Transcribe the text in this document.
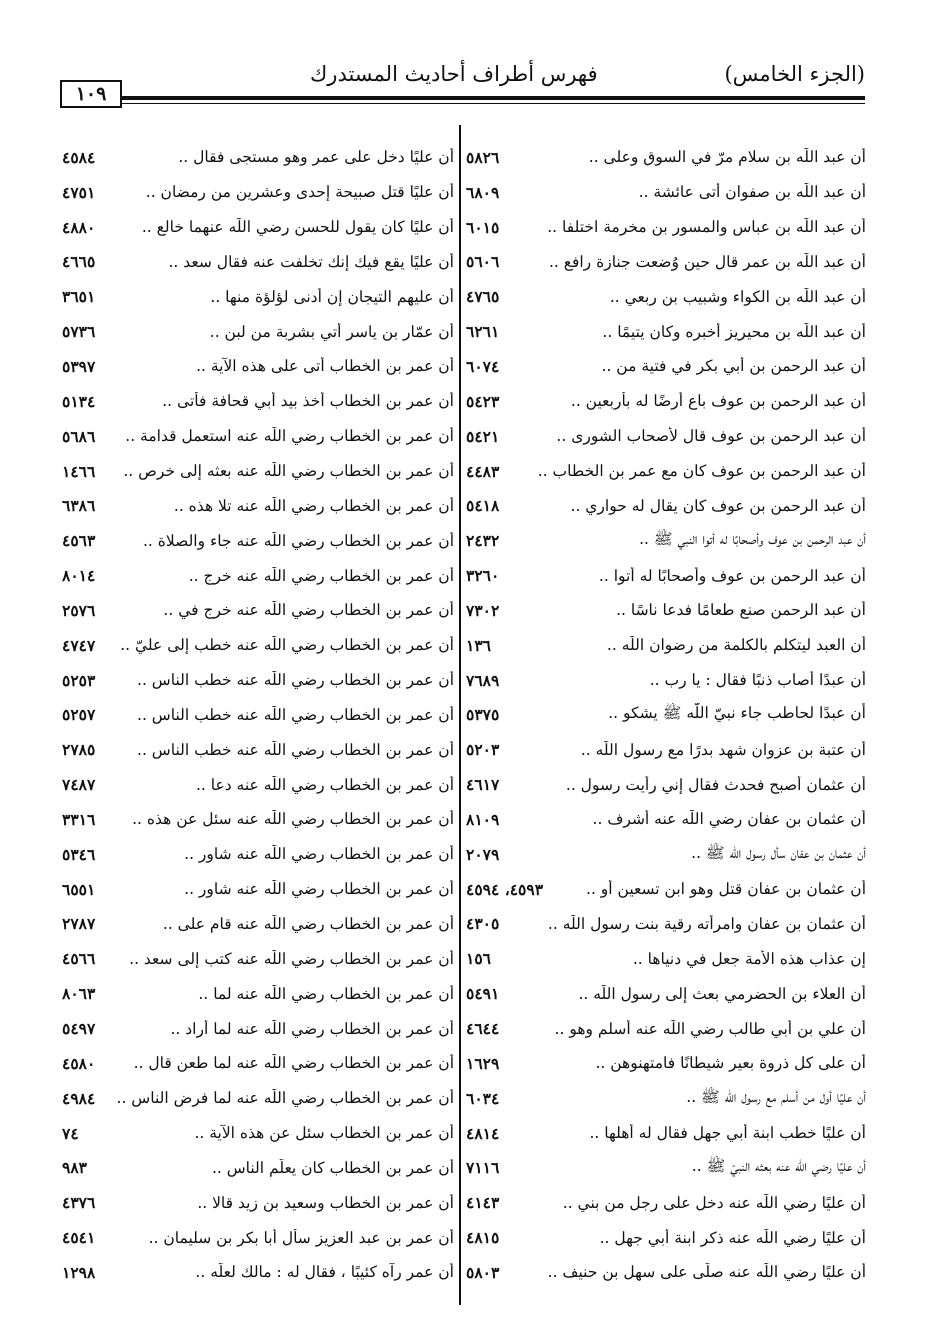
(الجزء الخامس)
فهرس أطراف أحاديث المستدرك
١٠٩
أن عبد اللّٰه بن سلام مرّ في السوق وعلى ..
٥٨٢٦
أن عبد اللّٰه بن صفوان أتى عائشة ..
٦٨٠٩
أن عبد اللّٰه بن عباس والمسور بن مخرمة اختلفا ..
٦٠١٥
أن عبد اللّٰه بن عمر قال حين وُضعت جنازة رافع ..
٥٦٠٦
أن عبد اللّٰه بن الكواء وشبيب بن ربعي ..
٤٧٦٥
أن عبد اللّٰه بن محيريز أخبره وكان يتيمًا ..
٦٢٦١
أن عبد الرحمن بن أبي بكر في فتية من ..
٦٠٧٤
أن عبد الرحمن بن عوف باع أرضًا له بأربعين ..
٥٤٢٣
أن عبد الرحمن بن عوف قال لأصحاب الشورى ..
٥٤٢١
أن عبد الرحمن بن عوف كان مع عمر بن الخطاب ..
٤٤٨٣
أن عبد الرحمن بن عوف كان يقال له حواري ..
٥٤١٨
أن عبد الرحمن بن عوف وأصحابًا له أتوا النبي ﷺ ..
٢٤٣٢
أن عبد الرحمن بن عوف وأصحابًا له أتوا ..
٣٢٦٠
أن عبد الرحمن صنع طعامًا فدعا ناسًا ..
٧٣٠٢
أن العبد ليتكلم بالكلمة من رضوان اللّٰه ..
١٣٦
أن عبدًا أصاب ذنبًا فقال : يا رب ..
٧٦٨٩
أن عبدًا لحاطب جاء نبيّ اللّٰه ﷺ يشكو ..
٥٣٧٥
أن عتبة بن عزوان شهد بدرًا مع رسول اللّٰه ..
٥٢٠٣
أن عثمان أصبح فحدث فقال إني رأيت رسول ..
٤٦١٧
أن عثمان بن عفان رضي اللّٰه عنه أشرف ..
٨١٠٩
أن عثمان بن عفان سأل رسول اللّٰه ﷺ ..
٢٠٧٩
أن عثمان بن عفان قتل وهو ابن تسعين أو ..
٤٥٩٣، ٤٥٩٤
أن عثمان بن عفان وامرأته رقية بنت رسول اللّٰه ..
٤٣٠٥
إن عذاب هذه الأمة جعل في دنياها ..
١٥٦
أن العلاء بن الحضرمي بعث إلى رسول اللّٰه ..
٥٤٩١
أن علي بن أبي طالب رضي اللّٰه عنه أسلم وهو ..
٤٦٤٤
أن على كل ذروة بعير شيطانًا فامتهنوهن ..
١٦٢٩
أن عليًا أول من أسلم مع رسول اللّٰه ﷺ ..
٦٠٣٤
أن عليًا خطب ابنة أبي جهل فقال له أهلها ..
٤٨١٤
أن عليًا رضي اللّٰه عنه بعثه النبيّ ﷺ ..
٧١١٦
أن عليًا رضي اللّٰه عنه دخل على رجل من بني ..
٤١٤٣
أن عليًا رضي اللّٰه عنه ذكر ابنة أبي جهل ..
٤٨١٥
أن عليًا رضي اللّٰه عنه صلّى على سهل بن حنيف ..
٥٨٠٣
أن عليًا دخل على عمر وهو مستجى فقال ..
٤٥٨٤
أن عليًا قتل صبيحة إحدى وعشرين من رمضان ..
٤٧٥١
أن عليًا كان يقول للحسن رضي اللّٰه عنهما خالع ..
٤٨٨٠
أن عليًا يقع فيك إنك تخلفت عنه فقال سعد ..
٤٦٦٥
أن عليهم التيجان إن أدنى لؤلؤة منها ..
٣٦٥١
أن عمّار بن ياسر أتي بشربة من لبن ..
٥٧٣٦
أن عمر بن الخطاب أتى على هذه الآية ..
٥٣٩٧
أن عمر بن الخطاب أخذ بيد أبي قحافة فأتى ..
٥١٣٤
أن عمر بن الخطاب رضي اللّٰه عنه استعمل قدامة ..
٥٦٨٦
أن عمر بن الخطاب رضي اللّٰه عنه بعثه إلى خرص ..
١٤٦٦
أن عمر بن الخطاب رضي اللّٰه عنه تلا هذه ..
٦٣٨٦
أن عمر بن الخطاب رضي اللّٰه عنه جاء والصلاة ..
٤٥٦٣
أن عمر بن الخطاب رضي اللّٰه عنه خرج ..
٨٠١٤
أن عمر بن الخطاب رضي اللّٰه عنه خرج في ..
٢٥٧٦
أن عمر بن الخطاب رضي اللّٰه عنه خطب إلى عليّ ..
٤٧٤٧
أن عمر بن الخطاب رضي اللّٰه عنه خطب الناس ..
٥٢٥٣
أن عمر بن الخطاب رضي اللّٰه عنه خطب الناس ..
٥٢٥٧
أن عمر بن الخطاب رضي اللّٰه عنه خطب الناس ..
٢٧٨٥
أن عمر بن الخطاب رضي اللّٰه عنه دعا ..
٧٤٨٧
أن عمر بن الخطاب رضي اللّٰه عنه سئل عن هذه ..
٣٣١٦
أن عمر بن الخطاب رضي اللّٰه عنه شاور ..
٥٣٤٦
أن عمر بن الخطاب رضي اللّٰه عنه شاور ..
٦٥٥١
أن عمر بن الخطاب رضي اللّٰه عنه قام على ..
٢٧٨٧
أن عمر بن الخطاب رضي اللّٰه عنه كتب إلى سعد ..
٤٥٦٦
أن عمر بن الخطاب رضي اللّٰه عنه لما ..
٨٠٦٣
أن عمر بن الخطاب رضي اللّٰه عنه لما أراد ..
٥٤٩٧
أن عمر بن الخطاب رضي اللّٰه عنه لما طعن قال ..
٤٥٨٠
أن عمر بن الخطاب رضي اللّٰه عنه لما فرض الناس ..
٤٩٨٤
أن عمر بن الخطاب سئل عن هذه الآية ..
٧٤
أن عمر بن الخطاب كان يعلّم الناس ..
٩٨٣
أن عمر بن الخطاب وسعيد بن زيد قالا ..
٤٣٧٦
أن عمر بن عبد العزيز سأل أبا بكر بن سليمان ..
٤٥٤١
أن عمر رآه كئيبًا ، فقال له : مالك لعلّه ..
١٢٩٨
